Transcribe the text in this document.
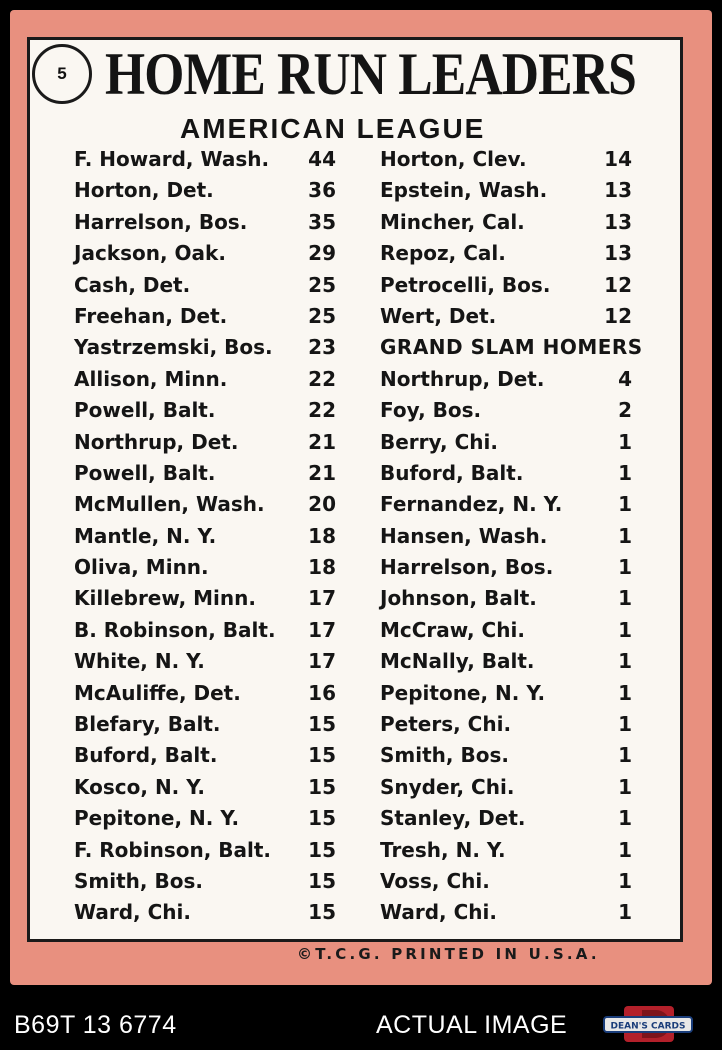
5 HOME RUN LEADERS
AMERICAN LEAGUE
F. Howard, Wash. 44
Horton, Det.	36
Harrelson, Bos.	35
Jackson, Oak.	29
Cash, Det.	25
Freehan, Det.	25
Yastrzemski, Bos. 23
Allison, Minn.	22
Powell, Balt.	22
Northrup, Det.	21
Powell, Balt.	21
McMullen, Wash. 20
Mantle, N. Y.	18
Oliva, Minn.	18
Killebrew, Minn.	17
B. Robinson, Balt. 17
White, N. Y.	17
McAuliffe, Det.	16
Blefary, Balt.	15
Buford, Balt.	15
Kosco, N. Y.	15
Pepitone, N. Y.	15
F. Robinson, Balt. 15
Smith, Bos.	15
Ward, Chi.	15
Horton, Clev.	14
Epstein, Wash.	13
Mincher, Cal.	13
Repoz, Cal.	13
Petrocelli, Bos.	12
Wert, Det.	12
GRAND SLAM HOMERS
Northrup, Det.	4
Foy, Bos.	2
Berry, Chi.	1
Buford, Balt.	1
Fernandez, N. Y.	1
Hansen, Wash.	1
Harrelson, Bos.	1
Johnson, Balt.	1
McCraw, Chi.	1
McNally, Balt.	1
Pepitone, N. Y.	1
Peters, Chi.	1
Smith, Bos.	1
Snyder, Chi.	1
Stanley, Det.	1
Tresh, N. Y.	1
Voss, Chi.	1
Ward, Chi.	1
©T.C.G. PRINTED IN U.S.A.
B69T 13 6774	ACTUAL IMAGE	DEAN'S CARDS
